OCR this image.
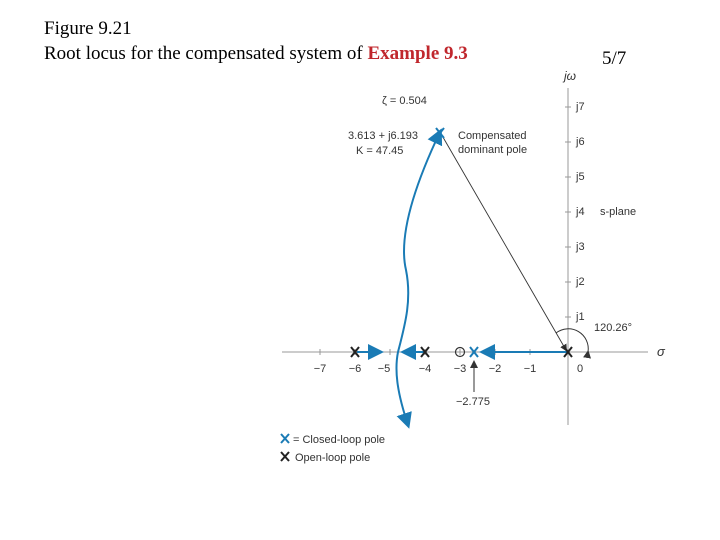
Figure 9.21
Root locus for the compensated system of Example 9.3	5/7
−7 −6 −5	−4 −3 −2 −1	0
j1
j2
j3
j4
j5
j6
j7
jω
σ
s-plane
−2.775
120.26°
ζ = 0.504
3.613 + j6.193
K = 47.45
Compensated
dominant pole
= Closed-loop pole
Open-loop pole
